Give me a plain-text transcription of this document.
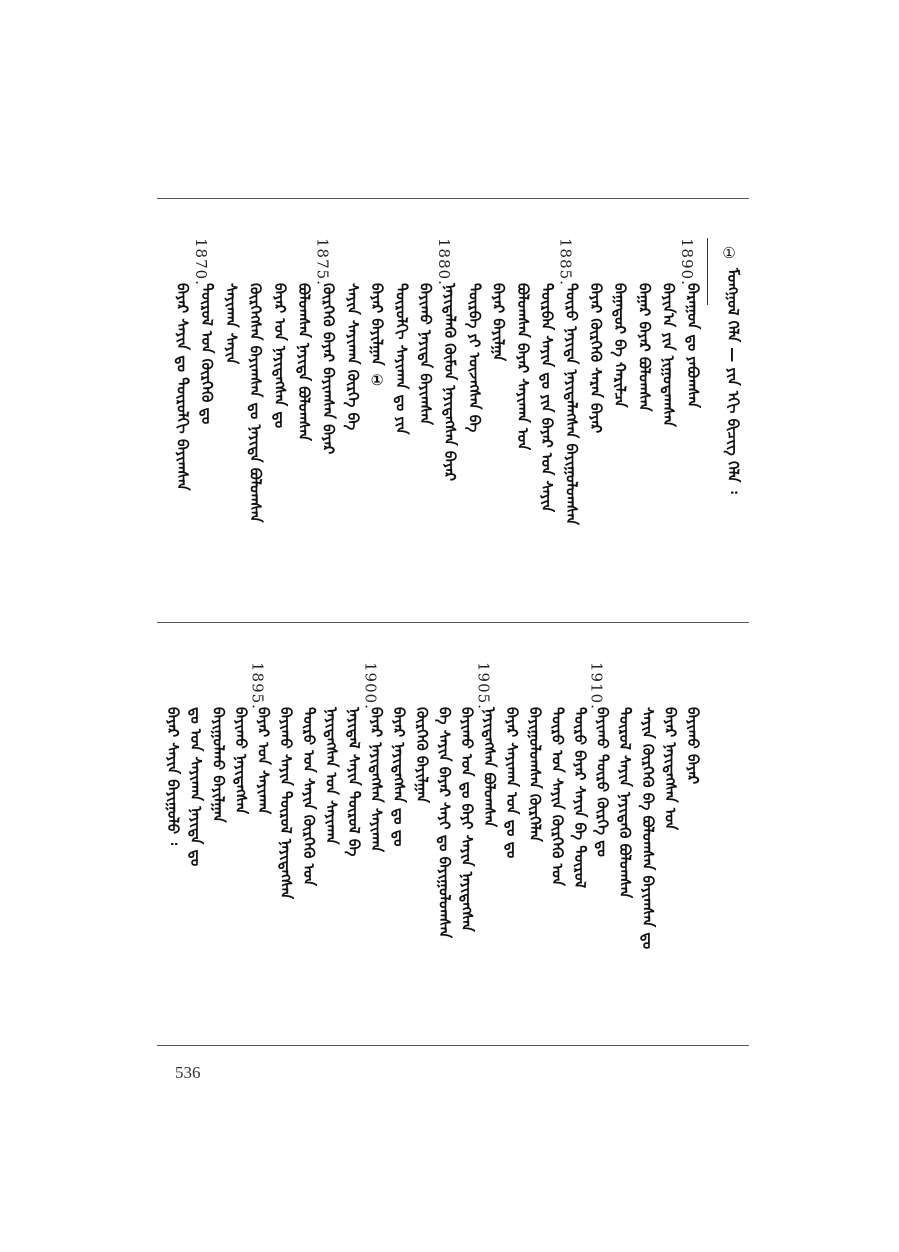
①
ᠮᠣᠩᠭᠣᠯ ᠬᠡᠯᠡ — ᠶᠢᠨ ᠡᠬᠢ ᠪᠢᠴᠢᠭ ᠬᠡᠯᠡ ᠄
1890.
ᠪᠠᠷᠠᠭᠤᠨ ᠳᠤ ᠶᠠᠪᠤᠭᠰᠠᠨ
ᠪᠠᠶᠢᠨ᠎ᠠ ᠶᠢᠨ ᠨᠢᠭᠤᠳᠠᠭᠰᠠᠨ
ᠪᠠᠭᠠᠷ ᠪᠠᠶᠠᠷ ᠪᠣᠯᠤᠭᠰᠠᠨ
ᠪᠠᠭᠠᠳᠤᠷ ᠪᠠ ᠬᠠᠷᠢᠯᠴᠠ
ᠪᠠᠶᠠᠷ ᠬᠦᠷᠭᠡᠬᠦ ᠰᠠᠷᠠᠨ ᠪᠠᠶᠠᠷ
1885.
ᠲᠦᠷᠦ ᠨᠡᠶᠢᠲᠡ ᠨᠡᠶᠢᠲᠡᠯᠡᠭᠰᠡᠨ ᠪᠠᠶᠢᠭᠤᠯᠤᠭᠰᠠᠨ
ᠳᠦᠷᠪᠡᠨ ᠰᠠᠶᠢᠨ ᠳᠤ ᠶᠢᠨ ᠪᠠᠶᠠᠷ ᠤᠨ ᠰᠠᠶᠢᠨ
ᠪᠣᠯᠤᠭᠰᠠᠨ ᠪᠠᠶᠠᠷ ᠰᠠᠶᠢᠬᠠᠨ ᠤᠨ
ᠪᠠᠶᠠᠷ ᠪᠠᠶᠢᠯᠭᠠ
ᠳᠦᠷᠪᠡ ᠶᠢ ᠦᠵᠡᠭᠰᠡᠨ ᠪᠡ
1880.
ᠨᠡᠶᠢᠲᠡᠯᠡᠬᠦ ᠬᠦᠮᠦᠨ ᠨᠡᠶᠢᠲᠡᠭᠰᠡᠨ ᠪᠠᠶᠠᠷ
ᠪᠠᠶᠢᠬᠤ ᠨᠡᠶᠢᠲᠡ ᠪᠠᠶᠢᠭᠰᠠᠨ
ᠲᠦᠷᠦᠯᠬᠢ ᠰᠠᠶᠢᠬᠠᠨ ᠳᠤ ᠶᠢᠨ
ᠪᠠᠶᠠᠷ ᠪᠠᠶᠢᠯᠭᠠᠨ ①
ᠰᠠᠶᠢᠨ ᠰᠠᠶᠢᠬᠠᠨ ᠬᠦᠷᠭᠡ ᠪᠡ
1875.
ᠬᠦᠷᠭᠡᠬᠦ ᠪᠠᠶᠠᠷ ᠪᠠᠶᠢᠭᠰᠠᠨ ᠪᠠᠶᠠᠷ
ᠪᠣᠯᠤᠭᠰᠠᠨ ᠨᠡᠶᠢᠲᠡ ᠪᠣᠯᠤᠭᠰᠠᠨ
ᠪᠠᠶᠠᠷ ᠤᠨ ᠨᠡᠶᠢᠲᠡᠭᠰᠡᠨ ᠳᠤ
ᠬᠦᠷᠭᠡᠭᠰᠡᠨ ᠪᠠᠶᠢᠭᠰᠠᠨ ᠳᠤ ᠨᠡᠶᠢᠲᠡ ᠪᠣᠯᠤᠭᠰᠠᠨ
ᠰᠠᠶᠢᠬᠠᠨ ᠰᠠᠶᠢᠨ
1870.
ᠲᠦᠷᠦᠯ ᠤᠨ ᠬᠦᠷᠭᠡᠬᠦ ᠳᠤ
ᠪᠠᠶᠠᠷ ᠰᠠᠶᠢᠨ ᠳᠤ ᠲᠦᠷᠦᠯᠬᠢ ᠪᠠᠶᠢᠭᠰᠠᠨ
ᠪᠠᠶᠢᠬᠤ ᠪᠠᠶᠠᠷ
ᠪᠠᠶᠠᠷ ᠨᠡᠶᠢᠲᠡᠭᠰᠡᠨ ᠤᠨ
ᠰᠠᠶᠢᠨ ᠬᠦᠷᠭᠡᠬᠦ ᠪᠡ ᠪᠣᠯᠤᠭᠰᠠᠨ ᠪᠠᠶᠢᠭᠰᠠᠨ ᠳᠤ
ᠲᠦᠷᠦᠯ ᠰᠠᠶᠢᠨ ᠨᠡᠶᠢᠲᠡᠬᠦ ᠪᠣᠯᠤᠭᠰᠠᠨ
1910.
ᠪᠠᠶᠢᠬᠤ ᠲᠦᠷᠦ ᠬᠦᠷᠭᠡ ᠳᠤ
ᠲᠦᠷᠦ ᠪᠠᠶᠠᠷ ᠰᠠᠶᠢᠨ ᠪᠡ ᠲᠦᠷᠦᠯ
ᠲᠦᠷᠦ ᠤᠨ ᠰᠠᠶᠢᠨ ᠬᠦᠷᠭᠡᠬᠦ ᠤᠨ
ᠪᠠᠶᠢᠭᠤᠯᠤᠭᠰᠠᠨ ᠬᠦᠷᠭᠡᠯᠡᠨ
ᠪᠠᠶᠠᠷ ᠰᠠᠶᠢᠬᠠᠨ ᠤᠨ ᠳᠤ ᠳᠤ
1905.
ᠨᠡᠶᠢᠲᠡᠭᠰᠡᠨ ᠪᠣᠯᠤᠭᠰᠠᠨ
ᠪᠠᠶᠢᠬᠤ ᠤᠨ ᠳᠤ ᠪᠠᠶᠢ ᠰᠠᠶᠢᠨ ᠨᠡᠶᠢᠲᠡᠭᠰᠡᠨ
ᠪᠠ ᠰᠠᠶᠢᠨ ᠪᠠᠶᠠᠷ ᠰᠠᠶᠢ ᠳᠤ ᠪᠠᠶᠢᠭᠤᠯᠤᠭᠰᠠᠨ
ᠬᠦᠷᠭᠡᠬᠦ ᠪᠠᠶᠢᠯᠭᠠᠨ
ᠪᠠᠶᠠᠷ ᠨᠡᠶᠢᠲᠡᠭᠰᠡᠨ ᠳᠤ ᠳᠤ
1900.
ᠪᠠᠶᠠᠷ ᠨᠡᠶᠢᠲᠡᠭᠰᠡᠨ ᠰᠠᠶᠢᠬᠠᠨ
ᠨᠡᠶᠢᠲᠡᠯ ᠰᠠᠶᠢᠨ ᠲᠦᠷᠦᠯ ᠪᠡ
ᠨᠡᠶᠢᠲᠡᠭᠰᠡᠨ ᠤᠨ ᠰᠠᠶᠢᠬᠠᠨ
ᠲᠦᠷᠦ ᠤᠨ ᠰᠠᠶᠢᠨ ᠬᠦᠷᠭᠡᠬᠦ ᠤᠨ
ᠪᠠᠶᠢᠬᠤ ᠰᠠᠶᠢᠨ ᠲᠦᠷᠦᠯ ᠨᠡᠶᠢᠲᠡᠭᠰᠡᠨ
1895.
ᠪᠠᠶᠠᠷ ᠤᠨ ᠰᠠᠶᠢᠬᠠᠨ
ᠪᠠᠶᠢᠬᠤ ᠨᠡᠶᠢᠲᠡᠭᠰᠡᠨ
ᠪᠠᠶᠢᠭᠤᠯᠬᠤ ᠪᠠᠶᠢᠯᠭᠠᠨ
ᠳᠤ ᠤᠨ ᠰᠠᠶᠢᠬᠠᠨ ᠨᠡᠶᠢᠲᠡ ᠳᠤ
ᠪᠠᠶᠠᠷ ᠰᠠᠶᠢᠨ ᠪᠠᠶᠢᠭᠤᠯᠤ ᠄
536
